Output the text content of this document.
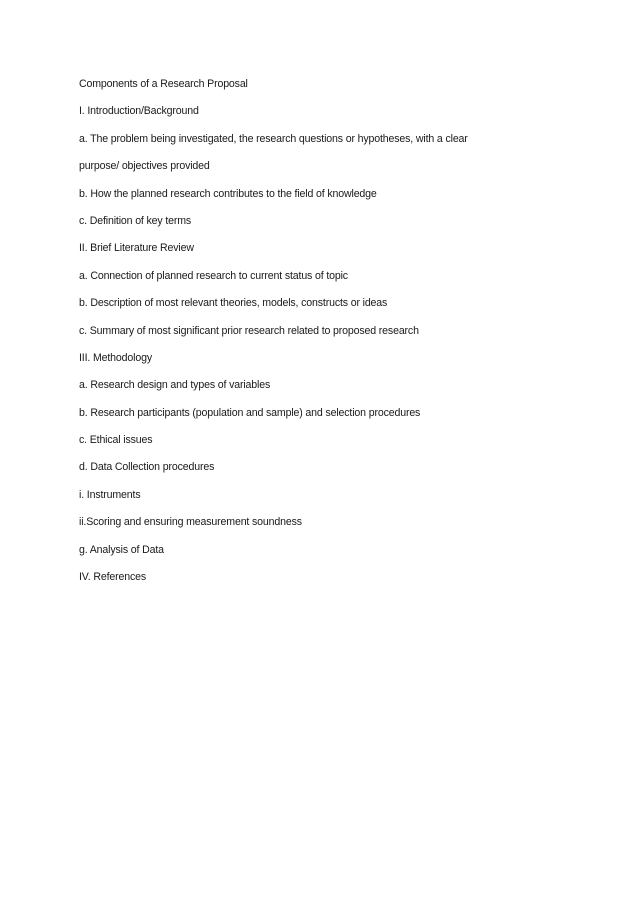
Components of a Research Proposal
I. Introduction/Background
a. The problem being investigated, the research questions or hypotheses, with a clear
purpose/ objectives provided
b. How the planned research contributes to the field of knowledge
c. Definition of key terms
II. Brief Literature Review
a. Connection of planned research to current status of topic
b. Description of most relevant theories, models, constructs or ideas
c. Summary of most significant prior research related to proposed research
III. Methodology
a. Research design and types of variables
b. Research participants (population and sample) and selection procedures
c. Ethical issues
d. Data Collection procedures
i. Instruments
ii.Scoring and ensuring measurement soundness
g. Analysis of Data
IV. References
